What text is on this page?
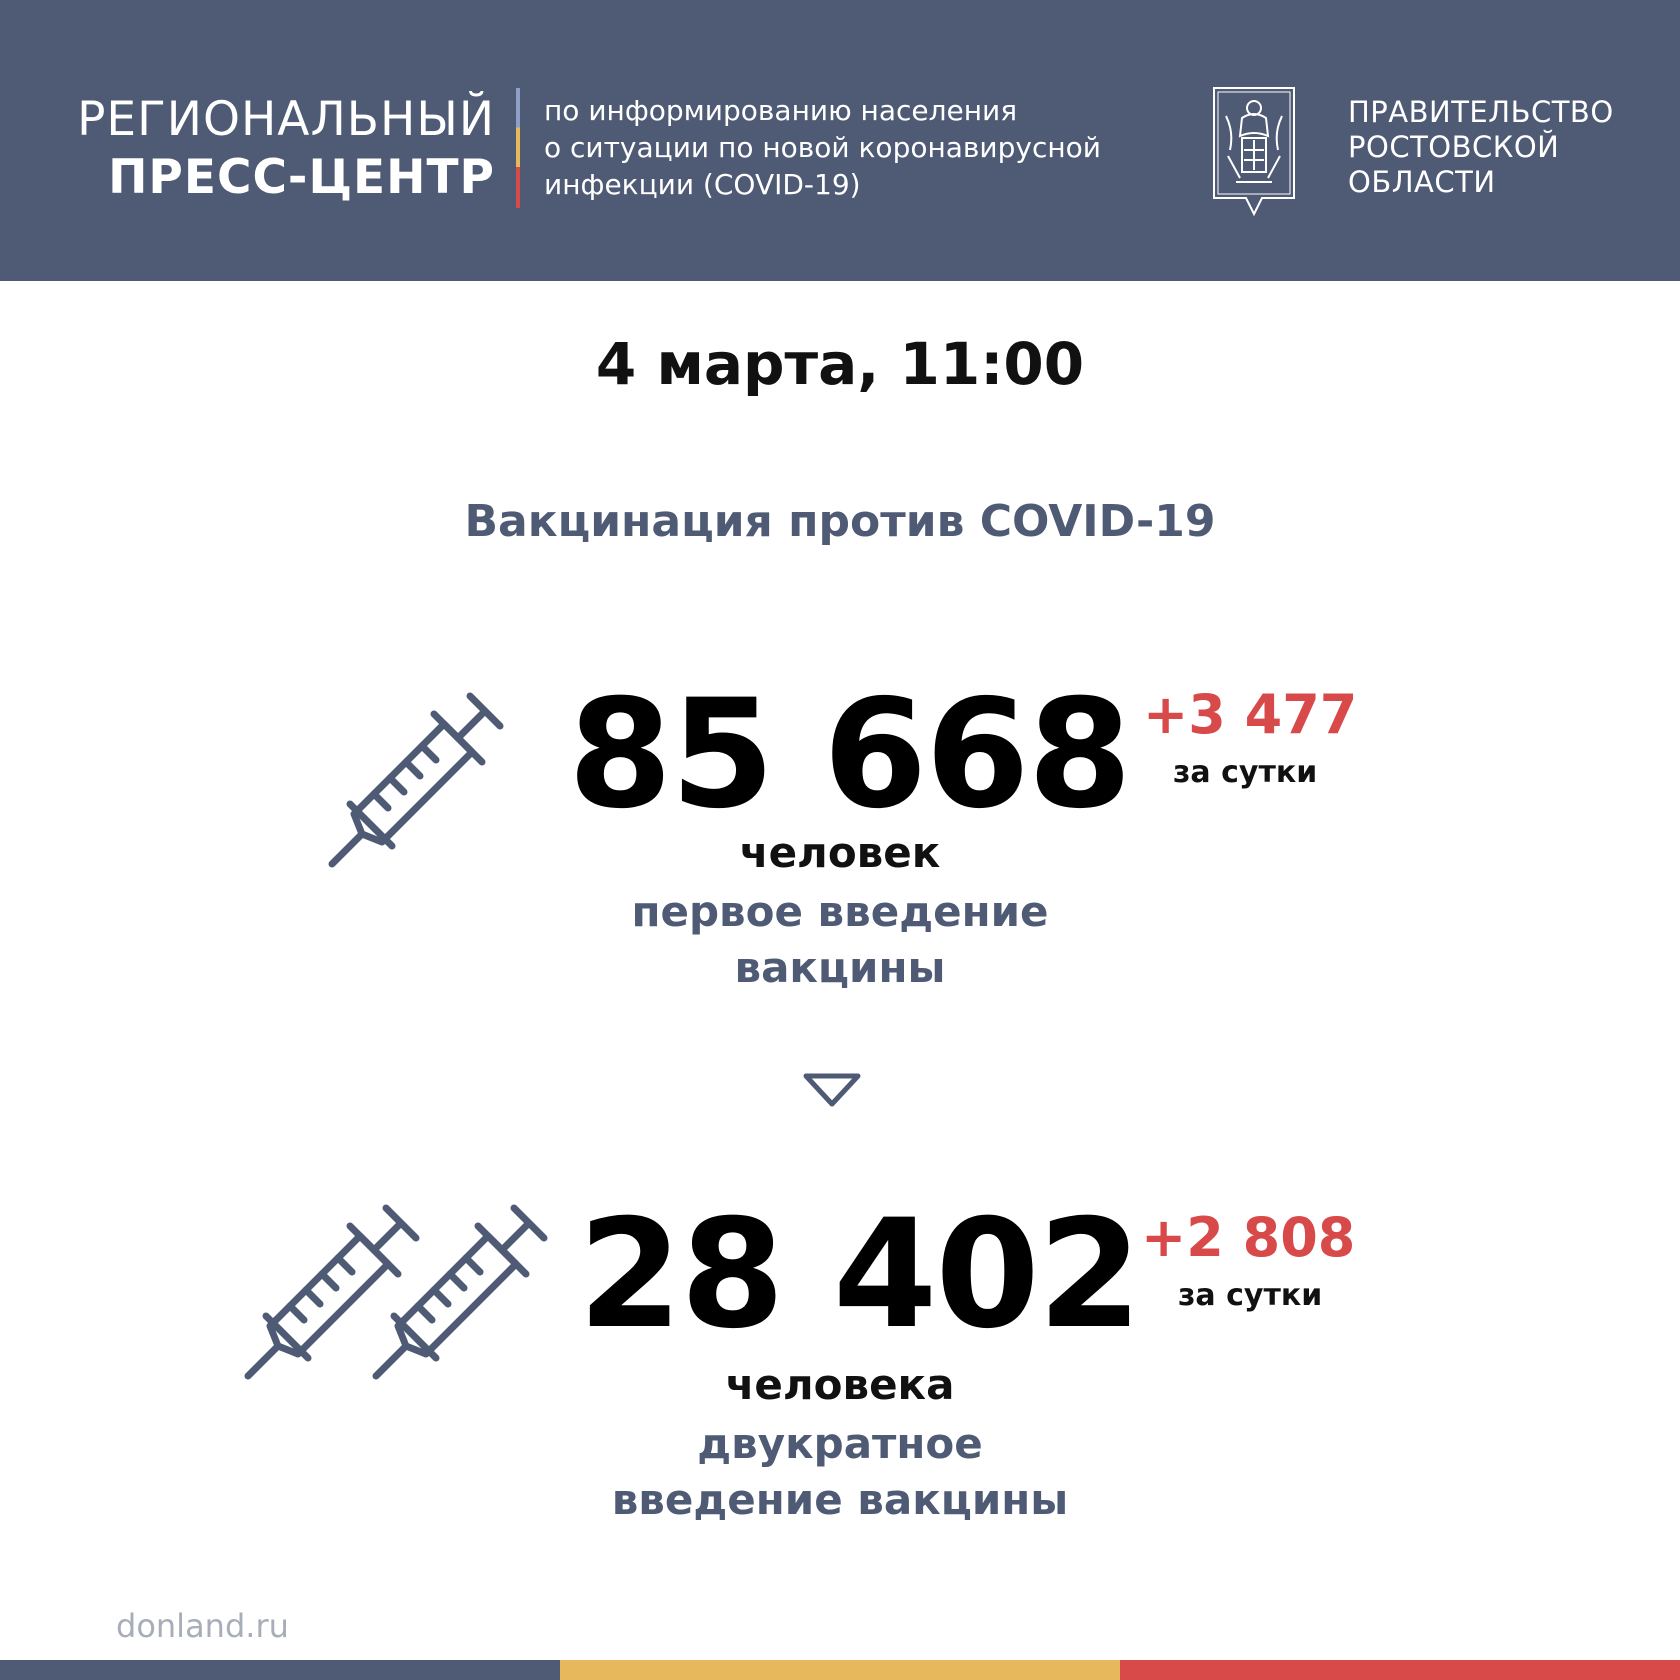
РЕГИОНАЛЬНЫЙ
ПРЕСС-ЦЕНТР
по информированию населения
о ситуации по новой коронавирусной
инфекции (COVID-19)
ПРАВИТЕЛЬСТВО
РОСТОВСКОЙ
ОБЛАСТИ
4 марта, 11:00
Вакцинация против COVID-19
85 668 +3 477
за сутки
человек
первое введение
вакцины
28 402 +2 808
за сутки
человека
двукратное
введение вакцины
donland.ru
